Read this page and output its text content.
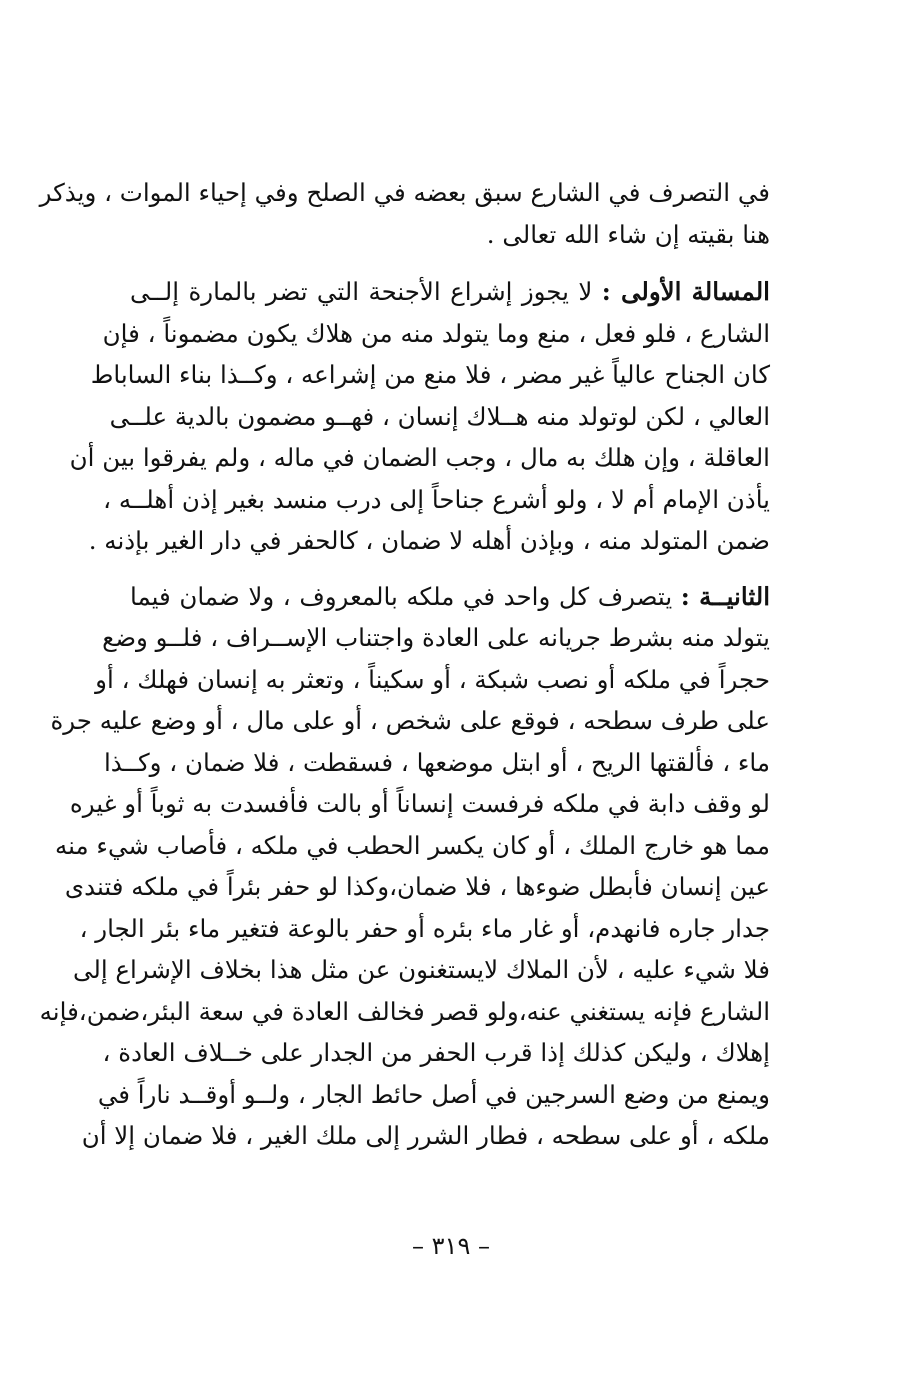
في التصرف في الشارع سبق بعضه في الصلح وفي إحياء الموات ، ويذكر
هنا بقيته إن شاء الله تعالى .
المسالة الأولى : لا يجوز إشراع الأجنحة التي تضر بالمارة إلــى
الشارع ، فلو فعل ، منع وما يتولد منه من هلاك يكون مضموناً ، فإن
كان الجناح عالياً غير مضر ، فلا منع من إشراعه ، وكــذا بناء الساباط
العالي ، لكن لوتولد منه هــلاك إنسان ، فهــو مضمون بالدية علــى
العاقلة ، وإن هلك به مال ، وجب الضمان في ماله ، ولم يفرقوا بين أن
يأذن الإمام أم لا ، ولو أشرع جناحاً إلى درب منسد بغير إذن أهلــه ،
ضمن المتولد منه ، وبإذن أهله لا ضمان ، كالحفر في دار الغير بإذنه .
الثانيــة : يتصرف كل واحد في ملكه بالمعروف ، ولا ضمان فيما
يتولد منه بشرط جريانه على العادة واجتناب الإســراف ، فلــو وضع
حجراً في ملكه أو نصب شبكة ، أو سكيناً ، وتعثر به إنسان فهلك ، أو
على طرف سطحه ، فوقع على شخص ، أو على مال ، أو وضع عليه جرة
ماء ، فألقتها الريح ، أو ابتل موضعها ، فسقطت ، فلا ضمان ، وكــذا
لو وقف دابة في ملكه فرفست إنساناً أو بالت فأفسدت به ثوباً أو غيره
مما هو خارج الملك ، أو كان يكسر الحطب في ملكه ، فأصاب شيء منه
عين إنسان فأبطل ضوءها ، فلا ضمان،وكذا لو حفر بئراً في ملكه فتندى
جدار جاره فانهدم، أو غار ماء بئره أو حفر بالوعة فتغير ماء بئر الجار ،
فلا شيء عليه ، لأن الملاك لايستغنون عن مثل هذا بخلاف الإشراع إلى
الشارع فإنه يستغني عنه،ولو قصر فخالف العادة في سعة البئر،ضمن،فإنه
إهلاك ، وليكن كذلك إذا قرب الحفر من الجدار على خــلاف العادة ،
ويمنع من وضع السرجين في أصل حائط الجار ، ولــو أوقــد ناراً في
ملكه ، أو على سطحه ، فطار الشرر إلى ملك الغير ، فلا ضمان إلا أن
– ٣١٩ –
